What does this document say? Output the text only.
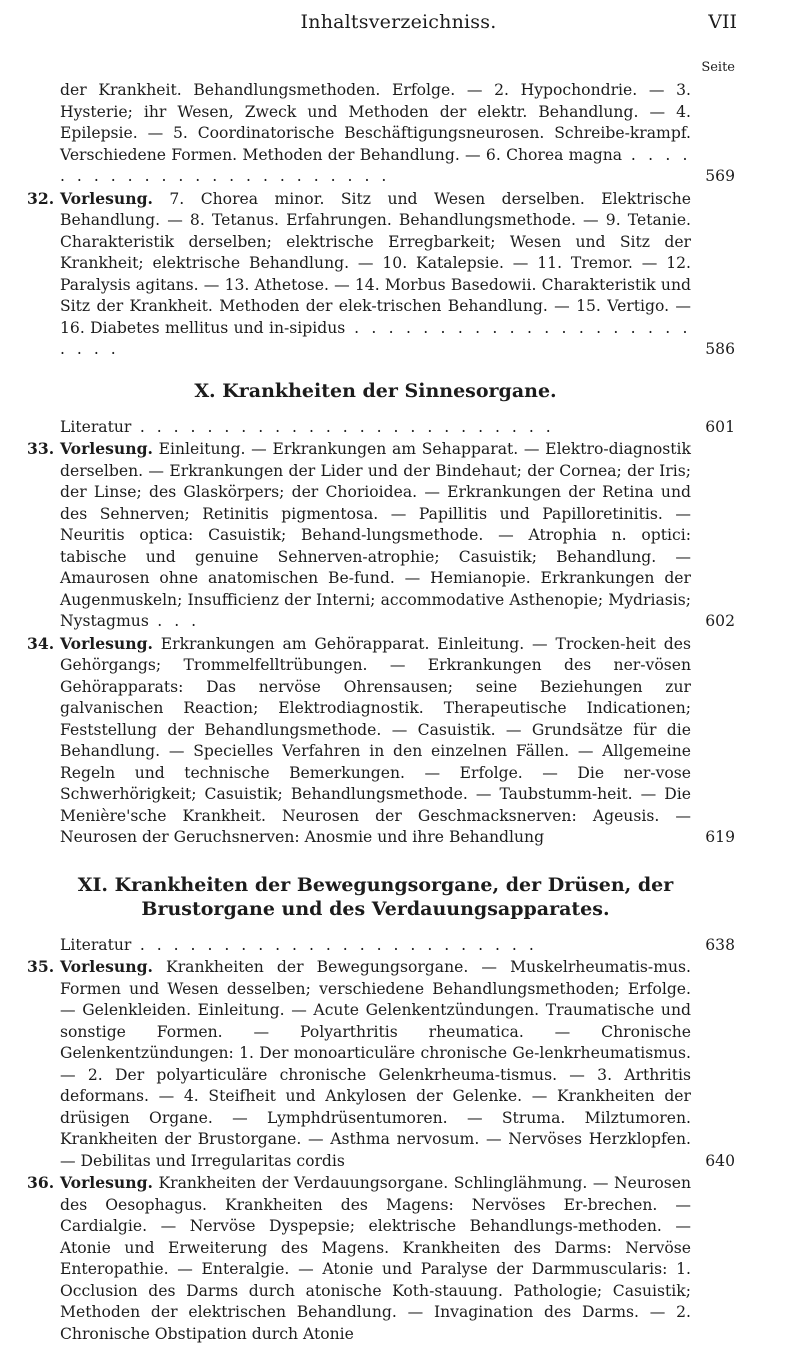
Inhaltsverzeichniss.	VII
Seite
der Krankheit. Behandlungsmethoden. Erfolge. — 2. Hypochondrie. — 3. Hysterie; ihr Wesen, Zweck und Methoden der elektr. Behandlung. — 4. Epilepsie. — 5. Coordinatorische Beschäftigungsneurosen. Schreibe-krampf. Verschiedene Formen. Methoden der Behandlung. — 6. Chorea magna . . . . . . . . . . . . . . . . . . . . . . . .	569
32. Vorlesung. 7. Chorea minor. Sitz und Wesen derselben. Elektrische Behandlung. — 8. Tetanus. Erfahrungen. Behandlungsmethode. — 9. Tetanie. Charakteristik derselben; elektrische Erregbarkeit; Wesen und Sitz der Krankheit; elektrische Behandlung. — 10. Katalepsie. — 11. Tremor. — 12. Paralysis agitans. — 13. Athetose. — 14. Morbus Basedowii. Charakteristik und Sitz der Krankheit. Methoden der elek-trischen Behandlung. — 15. Vertigo. — 16. Diabetes mellitus und in-sipidus . . . . . . . . . . . . . . . . . . . . . . . .	586
X. Krankheiten der Sinnesorgane.
Literatur . . . . . . . . . . . . . . . . . . . . . . . . .	601
33. Vorlesung. Einleitung. — Erkrankungen am Sehapparat. — Elektro-diagnostik derselben. — Erkrankungen der Lider und der Bindehaut; der Cornea; der Iris; der Linse; des Glaskörpers; der Chorioidea. — Erkrankungen der Retina und des Sehnerven; Retinitis pigmentosa. — Papillitis und Papilloretinitis. — Neuritis optica: Casuistik; Behand-lungsmethode. — Atrophia n. optici: tabische und genuine Sehnerven-atrophie; Casuistik; Behandlung. — Amaurosen ohne anatomischen Be-fund. — Hemianopie. Erkrankungen der Augenmuskeln; Insufficienz der Interni; accommodative Asthenopie; Mydriasis; Nystagmus . . .	602
34. Vorlesung. Erkrankungen am Gehörapparat. Einleitung. — Trocken-heit des Gehörgangs; Trommelfelltrübungen. — Erkrankungen des ner-vösen Gehörapparats: Das nervöse Ohrensausen; seine Beziehungen zur galvanischen Reaction; Elektrodiagnostik. Therapeutische Indicationen; Feststellung der Behandlungsmethode. — Casuistik. — Grundsätze für die Behandlung. — Specielles Verfahren in den einzelnen Fällen. — Allgemeine Regeln und technische Bemerkungen. — Erfolge. — Die ner-vose Schwerhörigkeit; Casuistik; Behandlungsmethode. — Taubstumm-heit. — Die Menière'sche Krankheit. Neurosen der Geschmacksnerven: Ageusis. — Neurosen der Geruchsnerven: Anosmie und ihre Behandlung	619
XI. Krankheiten der Bewegungsorgane, der Drüsen, der
Brustorgane und des Verdauungsapparates.
Literatur . . . . . . . . . . . . . . . . . . . . . . . .	638
35. Vorlesung. Krankheiten der Bewegungsorgane. — Muskelrheumatis-mus. Formen und Wesen desselben; verschiedene Behandlungsmethoden; Erfolge. — Gelenkleiden. Einleitung. — Acute Gelenkentzündungen. Traumatische und sonstige Formen. — Polyarthritis rheumatica. — Chronische Gelenkentzündungen: 1. Der monoarticuläre chronische Ge-lenkrheumatismus. — 2. Der polyarticuläre chronische Gelenkrheuma-tismus. — 3. Arthritis deformans. — 4. Steifheit und Ankylosen der Gelenke. — Krankheiten der drüsigen Organe. — Lymphdrüsentumoren. — Struma. Milztumoren. Krankheiten der Brustorgane. — Asthma nervosum. — Nervöses Herzklopfen. — Debilitas und Irregularitas cordis	640
36. Vorlesung. Krankheiten der Verdauungsorgane. Schlinglähmung. — Neurosen des Oesophagus. Krankheiten des Magens: Nervöses Er-brechen. — Cardialgie. — Nervöse Dyspepsie; elektrische Behandlungs-methoden. — Atonie und Erweiterung des Magens. Krankheiten des Darms: Nervöse Enteropathie. — Enteralgie. — Atonie und Paralyse der Darmmuscularis: 1. Occlusion des Darms durch atonische Koth-stauung. Pathologie; Casuistik; Methoden der elektrischen Behandlung. — Invagination des Darms. — 2. Chronische Obstipation durch Atonie
